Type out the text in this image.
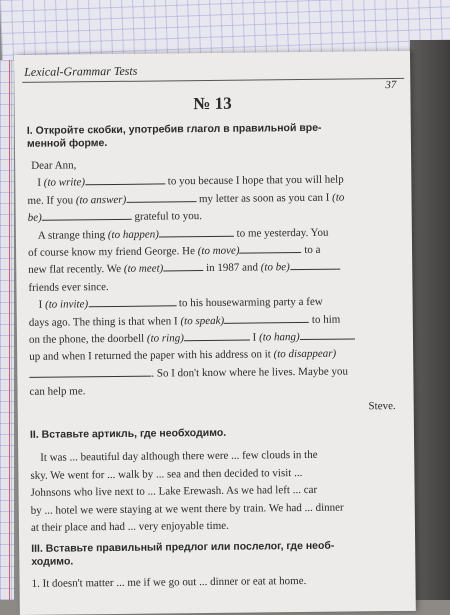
Lexical-Grammar Tests
37
№ 13
I. Откройте скобки, употребив глагол в правильной вре-
менной форме.
Dear Ann,
I (to write)	to you because I hope that you will help
me. If you (to answer)	my letter as soon as you can I (to
be)	grateful to you.
A strange thing (to happen)	to me yesterday. You
of course know my friend George. He (to move)	to a
new flat recently. We (to meet)	in 1987 and (to be)
friends ever since.
I (to invite)	to his housewarming party a few
days ago. The thing is that when I (to speak)	to him
on the phone, the doorbell (to ring)	I (to hang)
up and when I returned the paper with his address on it (to disappear)
. So I don't know where he lives. Maybe you
can help me.
Steve.
II. Вставьте артикль, где необходимо.
It was ... beautiful day although there were ... few clouds in the
sky. We went for ... walk by ... sea and then decided to visit ...
Johnsons who live next to ... Lake Erewash. As we had left ... car
by ... hotel we were staying at we went there by train. We had ... dinner
at their place and had ... very enjoyable time.
III. Вставьте правильный предлог или послелог, где необ-
ходимо.
1. It doesn't matter ... me if we go out ... dinner or eat at home.
